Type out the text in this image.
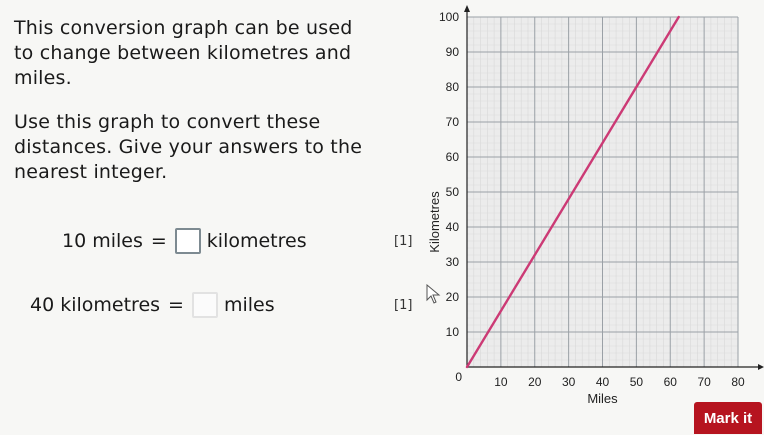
This conversion graph can be used to change between kilometres and miles.

Use this graph to convert these distances. Give your answers to the nearest integer.

10 miles = kilometres	[1]
40 kilometres = miles	[1]
10 20 30 40 50 60 70 80
0
10
20
30
40
50
60
70
80
90
100
Miles
Kilometres
Mark it
